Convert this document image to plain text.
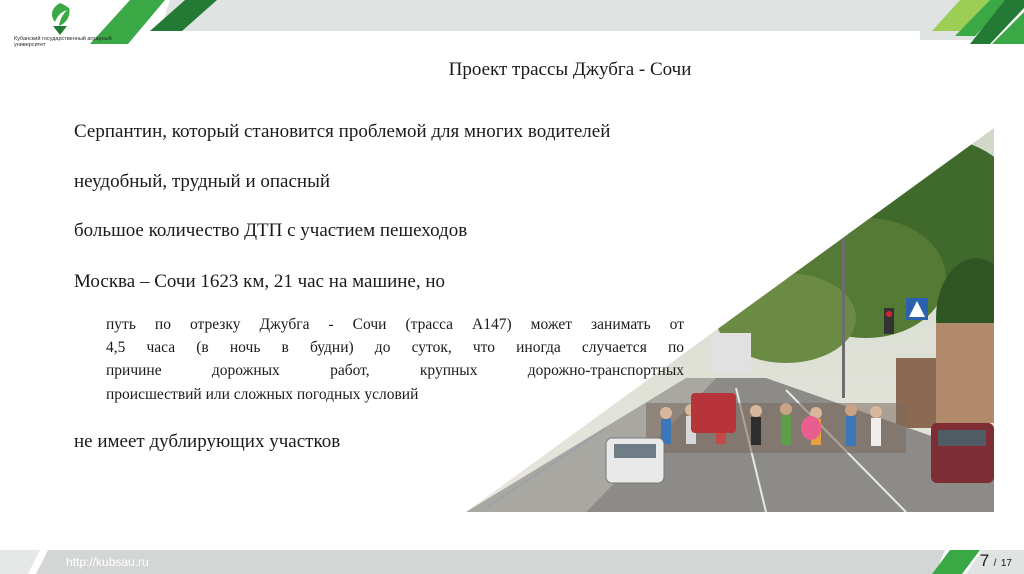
Кубанский государственный аграрный университет
Проект трассы Джубга - Сочи
Серпантин, который становится проблемой для многих водителей
неудобный, трудный и опасный
большое количество ДТП с участием пешеходов
Москва – Сочи 1623 км, 21 час на машине, но
путь по отрезку Джубга - Сочи (трасса А147) может занимать от
4,5 часа (в ночь в будни) до суток, что иногда случается по
причине дорожных работ, крупных дорожно-транспортных
происшествий или сложных погодных условий
не имеет дублирующих участков
http://kubsau.ru	7 / 17
